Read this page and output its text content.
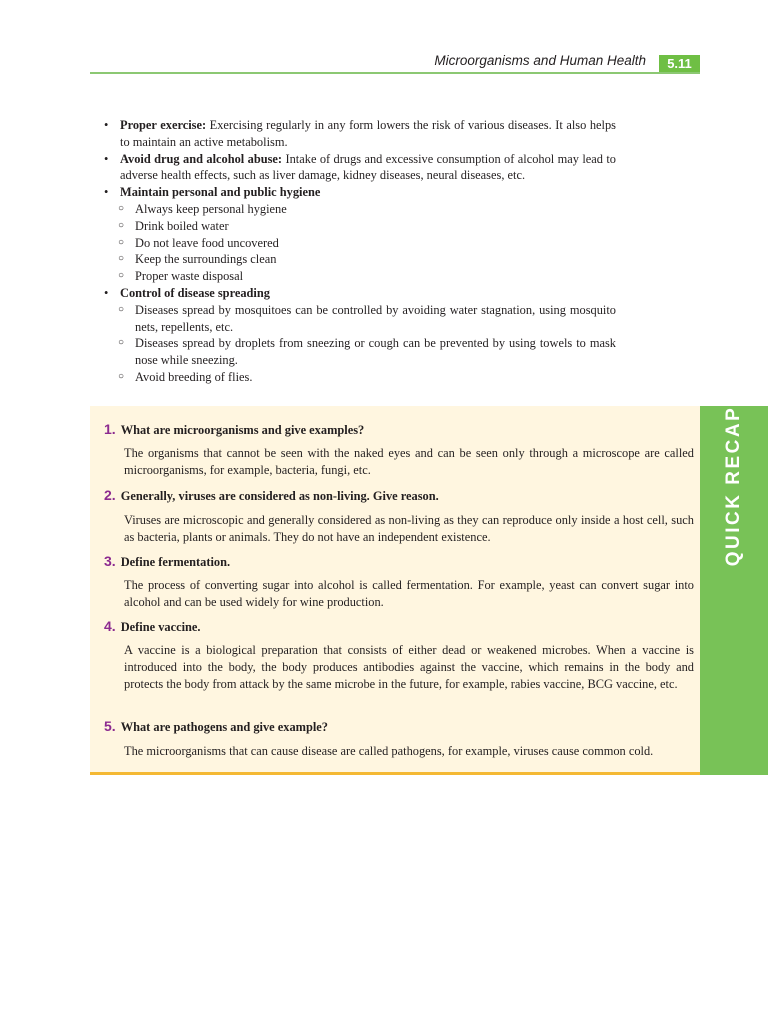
Microorganisms and Human Health	5.11
• Proper exercise: Exercising regularly in any form lowers the risk of various diseases. It also helps to maintain an active metabolism.
• Avoid drug and alcohol abuse: Intake of drugs and excessive consumption of alcohol may lead to adverse health effects, such as liver damage, kidney diseases, neural diseases, etc.
• Maintain personal and public hygiene
○ Always keep personal hygiene
○ Drink boiled water
○ Do not leave food uncovered
○ Keep the surroundings clean
○ Proper waste disposal
• Control of disease spreading
○ Diseases spread by mosquitoes can be controlled by avoiding water stagnation, using mosquito nets, repellents, etc.
○ Diseases spread by droplets from sneezing or cough can be prevented by using towels to mask nose while sneezing.
○ Avoid breeding of flies.
QUICK RECAP
1. What are microorganisms and give examples?
The organisms that cannot be seen with the naked eyes and can be seen only through a microscope are called microorganisms, for example, bacteria, fungi, etc.
2. Generally, viruses are considered as non-living. Give reason.
Viruses are microscopic and generally considered as non-living as they can reproduce only inside a host cell, such as bacteria, plants or animals. They do not have an independent existence.
3. Define fermentation.
The process of converting sugar into alcohol is called fermentation. For example, yeast can convert sugar into alcohol and can be used widely for wine production.
4. Define vaccine.
A vaccine is a biological preparation that consists of either dead or weakened microbes. When a vaccine is introduced into the body, the body produces antibodies against the vaccine, which remains in the body and protects the body from attack by the same microbe in the future, for example, rabies vaccine, BCG vaccine, etc.
5. What are pathogens and give example?
The microorganisms that can cause disease are called pathogens, for example, viruses cause common cold.
